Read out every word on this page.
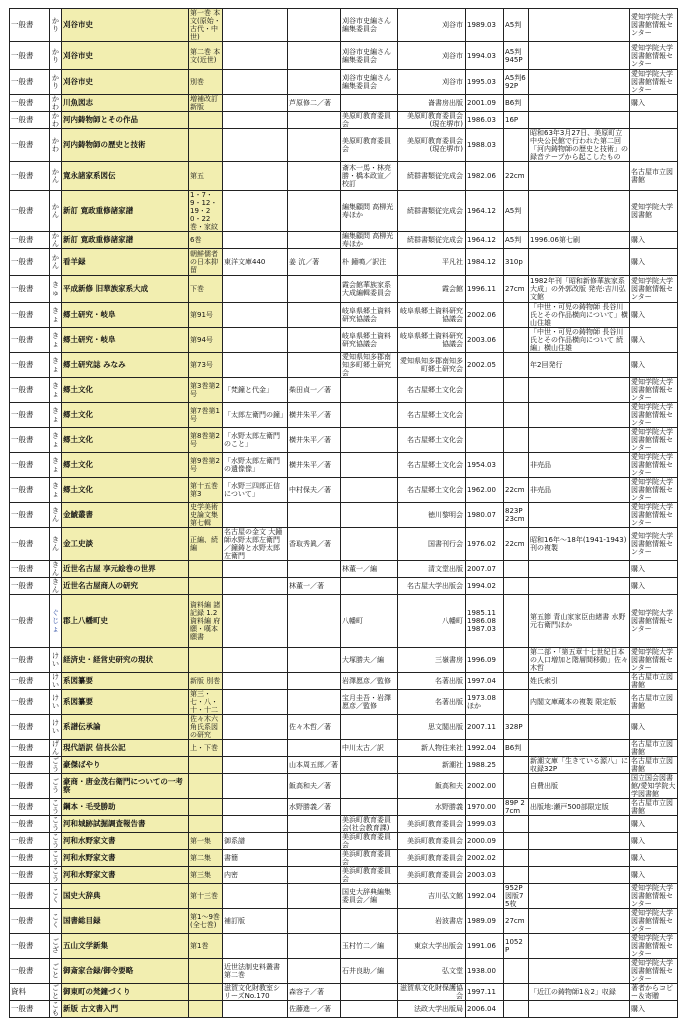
一般書	かり	刈谷市史	第一巻 本文(原始・古代・中世)			刈谷市史編さん編集委員会	刈谷市	1989.03	A5判		愛知学院大学図書館情報センター
一般書	かり	刈谷市史	第二巻 本文(近世)			刈谷市史編さん編集委員会	刈谷市	1994.03	A5判 945P		愛知学院大学図書館情報センター
一般書	かり	刈谷市史	別巻			刈谷市史編さん編集委員会	刈谷市	1995.03	A5判6 92P		愛知学院大学図書館情報センター
一般書	かわ	川魚図志	増補改訂新版		芦原修二／著		崙書房出版	2001.09	B6判		購入
一般書	かわ	河内鋳物師とその作品				美原町教育委員会	美原町教育委員会(現在堺市)	1986.03	16P		
一般書	かわ	河内鋳物師の歴史と技術				美原町教育委員会	美原町教育委員会(現在堺市)	1988.03		昭和63年3月27日、美原町立中央公民館で行われた第二回「河内鋳物師の歴史と技術」の録音テープから起こしたもの	
一般書	かん	寛永諸家系図伝	第五			斎木一馬・林亮勝・橋本政宣／校訂	続群書類従完成会	1982.06	22cm		名古屋市立図書館
一般書	かん	新訂 寛政重修諸家譜	1・7・9・12・19・20・22巻・家紋			編集顧問 高柳光寿ほか	続群書類従完成会	1964.12	A5判		愛知学院大学図書館
一般書	かん	新訂 寛政重修諸家譜	6巻			編集顧問 高柳光寿ほか	続群書類従完成会	1964.12	A5判	1996.06第七刷	購入
一般書	かん	看羊録	朝鮮儒者の日本抑留	東洋文庫440	姜 沆／著	朴 鐘鳴／訳注	平凡社	1984.12	310p		購入
一般書	きゅ	平成新修 旧華族家系大成	下巻			霞会館華族家系大成編輯委員会	霞会館	1996.11	27cm	1982年刊「昭和新修華族家系大成」の外郭改版 発売:吉川弘文館	愛知学院大学図書館情報センター
一般書	きょ	郷土研究・岐阜	第91号			岐阜県郷土資料研究協議会	岐阜県郷土資料研究協議会	2002.06		「中世・可児の鋳物師 長谷川氏とその作品横向について」横山住雄	購入
一般書	きょ	郷土研究・岐阜	第94号			岐阜県郷土資料研究協議会	岐阜県郷土資料研究協議会	2003.06		「中世・可児の鋳物師 長谷川氏とその作品横向について 続編」横山住雄	購入
一般書	きょ	郷土研究誌 みなみ	第73号			愛知県知多郡南知多町郷土研究会	愛知県知多郡南知多町郷土研究会	2002.05		年2回発行	購入
一般書	きょ	郷土文化	第3巻第2号	「梵鐘と代金」	柴田貞一／著		名古屋郷土文化会				愛知学院大学図書館情報センター
一般書	きょ	郷土文化	第7巻第1号	「太郎左衛門の鐘」	横井朱平／著		名古屋郷土文化会				愛知学院大学図書館情報センター
一般書	きょ	郷土文化	第8巻第2号	「水野太郎左衛門のこと」	横井朱平／著		名古屋郷土文化会				愛知学院大学図書館情報センター
一般書	きょ	郷土文化	第9巻第2号	「水野太郎左衛門の遺像像」	横井朱平／著		名古屋郷土文化会	1954.03		非売品	愛知学院大学図書館情報センター
一般書	きょ	郷土文化	第十五巻 第3	「水野三四郎正信について」	中村保夫／著		名古屋郷土文化会	1962.00	22cm	非売品	愛知学院大学図書館情報センター
一般書	きん	金鯱叢書	史学美術史論文集 第七輯				徳川黎明会	1980.07	823P 23cm		愛知学院大学図書館情報センター
一般書	きん	金工史談	正編、続編	名古屋の金文 大鐘師水野太郎左衛門／鐘鋳と水野太郎左衛門	香取秀眞／著		国書刊行会	1976.02	22cm	昭和16年～18年(1941-1943)刊の複製	愛知学院大学図書館情報センター
一般書	きん	近世名古屋 享元絵巻の世界				林董一／編	清文堂出版	2007.07			購入
一般書	きん	近世名古屋商人の研究			林董一／著		名古屋大学出版会	1994.02			購入
一般書	ぐじょ	郡上八幡町史	資料編 諸記録 1.2 資料編 府願・嘆本願書			八幡町	八幡町	1985.11 1986.08 1987.03		第五節 青山家家臣由緒書 水野元右衛門ほか	愛知学院大学図書館情報センター
一般書	けい	経済史・経営史研究の現状				大塚勝夫／編	三嶺書房	1996.09		第二部・「第五章十七世紀日本の人口増加と階層間移動」佐々木哲	愛知学院大学図書館情報センター
一般書	けい	系図纂要	新版 別巻			岩澤愿彦／監修	名著出版	1997.04		姓氏索引	名古屋市立図書館
一般書	けい	系図纂要	第三・七・八・十・十二			宝月圭吾・岩澤愿彦／監修	名著出版	1973.08 ほか		内閣文庫蔵本の複製 限定版	名古屋市立図書館
一般書	けい	系譜伝承論	佐々木六角氏系図の研究		佐々木哲／著		思文閣出版	2007.11	328P		購入
一般書	げん	現代語訳 信長公記	上・下巻			中川太古／訳	新人物往来社	1992.04	B6判		名古屋市立図書館
一般書	ごう	豪傑ばやり			山本周五郎／著		新潮社	1988.25		新潮文庫「生きている源八」に収録32P	名古屋市立図書館
一般書	ごう	豪商・唐金茂右衛門についての一考察			飯高和夫／著		飯高和夫	2002.00		自費出版	国立国会図書館/愛知学院大学図書館
一般書	こう	鋼本・毛受勝助			水野勝義／著		水野勝義	1970.00	89P 27cm	出版地:瀬戸500部限定版	名古屋市立図書館
一般書	こう	河和城跡試掘調査報告書				美浜町教育委員会(社会教育課)	美浜町教育委員会	1999.03			購入
一般書	こう	河和水野家文書	第一集	御系譜		美浜町教育委員会	美浜町教育委員会	2000.09			購入
一般書	こう	河和水野家文書	第二集	書簡		美浜町教育委員会	美浜町教育委員会	2002.02			購入
一般書	こう	河和水野家文書	第三集	内密		美浜町教育委員会	美浜町教育委員会	2003.03			購入
一般書	こく	国史大辞典	第十三巻			国史大辞典編集委員会／編	吉川弘文館	1992.04	952P図版75枚		愛知学院大学図書館情報センター
一般書	こく	国書総目録	第1～9巻(全七巻)	補訂版			岩波書店	1989.09	27cm		愛知学院大学図書館情報センター
一般書	ござ	五山文学新集	第1巻			玉村竹二／編	東京大学出版会	1991.06	1052P		愛知学院大学図書館情報センター
一般書	ごと	御斎家合録/御令要略		近世法制史料叢書 第二巻		石井良助／編	弘文堂	1938.00			愛知学院大学図書館情報センター
資料	ごと	御東町の梵鐘づくり		滋賀文化財教室シリーズNo.170	森容子／著		滋賀県文化財保護協会	1997.11		「近江の鋳物師1＆2」収録	著者からコピー＆寄贈
一般書	こも	新版 古文書入門			佐藤進一／著		法政大学出版局	2006.04			購入
